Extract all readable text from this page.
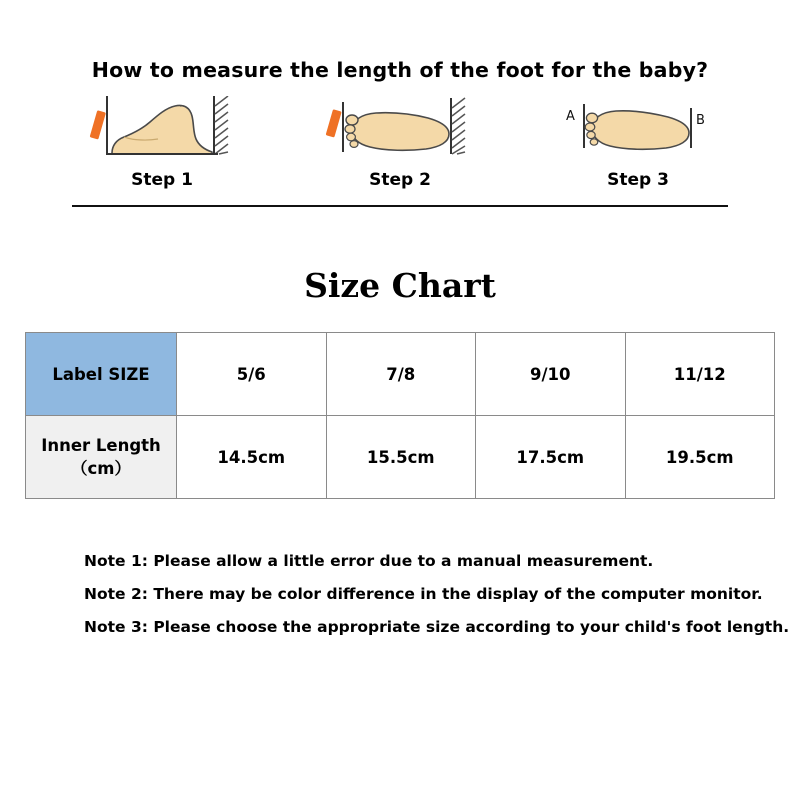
How to measure the length of the foot for the baby?
Step 1	Step 2
A	B
Step 3
Size Chart
Label SIZE	5/6	7/8	9/10	11/12
Inner Length（cm）	14.5cm	15.5cm	17.5cm	19.5cm
Note 1: Please allow a little error due to a manual measurement.
Note 2: There may be color difference in the display of the computer monitor.
Note 3: Please choose the appropriate size according to your child's foot length.
